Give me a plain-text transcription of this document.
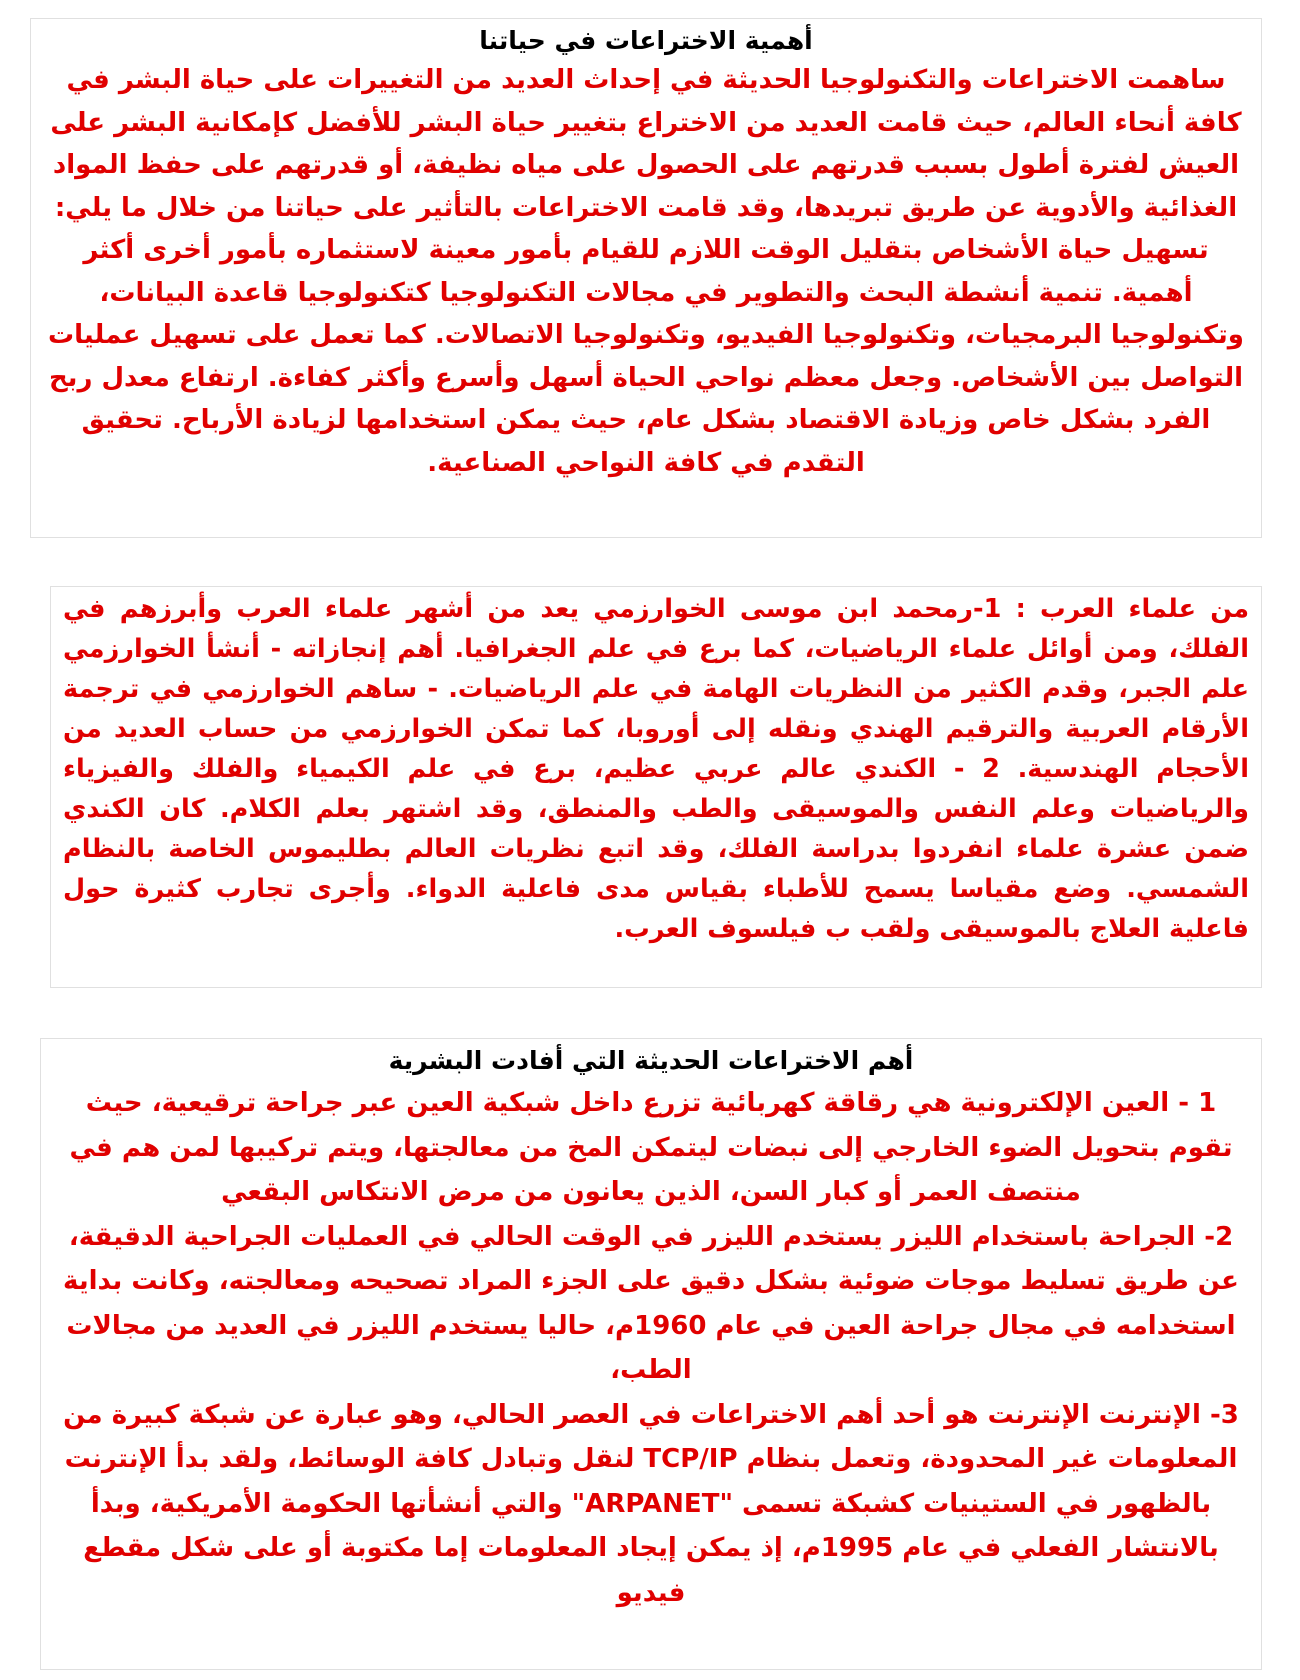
أهمية الاختراعات في حياتنا

ساهمت الاختراعات والتكنولوجيا الحديثة في إحداث العديد من التغييرات على حياة البشر في كافة أنحاء العالم، حيث قامت العديد من الاختراع بتغيير حياة البشر للأفضل كإمكانية البشر على العيش لفترة أطول بسبب قدرتهم على الحصول على مياه نظيفة، أو قدرتهم على حفظ المواد الغذائية والأدوية عن طريق تبريدها، وقد قامت الاختراعات بالتأثير على حياتنا من خلال ما يلي: تسهيل حياة الأشخاص بتقليل الوقت اللازم للقيام بأمور معينة لاستثماره بأمور أخرى أكثر أهمية. تنمية أنشطة البحث والتطوير في مجالات التكنولوجيا كتكنولوجيا قاعدة البيانات، وتكنولوجيا البرمجيات، وتكنولوجيا الفيديو، وتكنولوجيا الاتصالات. كما تعمل على تسهيل عمليات التواصل بين الأشخاص. وجعل معظم نواحي الحياة أسهل وأسرع وأكثر كفاءة. ارتفاع معدل ربح الفرد بشكل خاص وزيادة الاقتصاد بشكل عام، حيث يمكن استخدامها لزيادة الأرباح. تحقيق التقدم في كافة النواحي الصناعية.

من علماء العرب : 1-رمحمد ابن موسى الخوارزمي يعد من أشهر علماء العرب وأبرزهم في الفلك، ومن أوائل علماء الرياضيات، كما برع في علم الجغرافيا. أهم إنجازاته - أنشأ الخوارزمي علم الجبر، وقدم الكثير من النظريات الهامة في علم الرياضيات. - ساهم الخوارزمي في ترجمة الأرقام العربية والترقيم الهندي ونقله إلى أوروبا، كما تمكن الخوارزمي من حساب العديد من الأحجام الهندسية. 2 - الكندي عالم عربي عظيم، برع في علم الكيمياء والفلك والفيزياء والرياضيات وعلم النفس والموسيقى والطب والمنطق، وقد اشتهر بعلم الكلام. كان الكندي ضمن عشرة علماء انفردوا بدراسة الفلك، وقد اتبع نظريات العالم بطليموس الخاصة بالنظام الشمسي. وضع مقياسا يسمح للأطباء بقياس مدى فاعلية الدواء. وأجرى تجارب كثيرة حول فاعلية العلاج بالموسيقى ولقب ب فيلسوف العرب.

أهم الاختراعات الحديثة التي أفادت البشرية

1 - العين الإلكترونية هي رقاقة كهربائية تزرع داخل شبكية العين عبر جراحة ترقيعية، حيث تقوم بتحويل الضوء الخارجي إلى نبضات ليتمكن المخ من معالجتها، ويتم تركيبها لمن هم في منتصف العمر أو كبار السن، الذين يعانون من مرض الانتكاس البقعي

2- الجراحة باستخدام الليزر يستخدم الليزر في الوقت الحالي في العمليات الجراحية الدقيقة، عن طريق تسليط موجات ضوئية بشكل دقيق على الجزء المراد تصحيحه ومعالجته، وكانت بداية استخدامه في مجال جراحة العين في عام 1960م، حاليا يستخدم الليزر في العديد من مجالات الطب،

3- الإنترنت الإنترنت هو أحد أهم الاختراعات في العصر الحالي، وهو عبارة عن شبكة كبيرة من المعلومات غير المحدودة، وتعمل بنظام TCP/IP لنقل وتبادل كافة الوسائط، ولقد بدأ الإنترنت بالظهور في الستينيات كشبكة تسمى "ARPANET" والتي أنشأتها الحكومة الأمريكية، وبدأ بالانتشار الفعلي في عام 1995م، إذ يمكن إيجاد المعلومات إما مكتوبة أو على شكل مقطع فيديو
